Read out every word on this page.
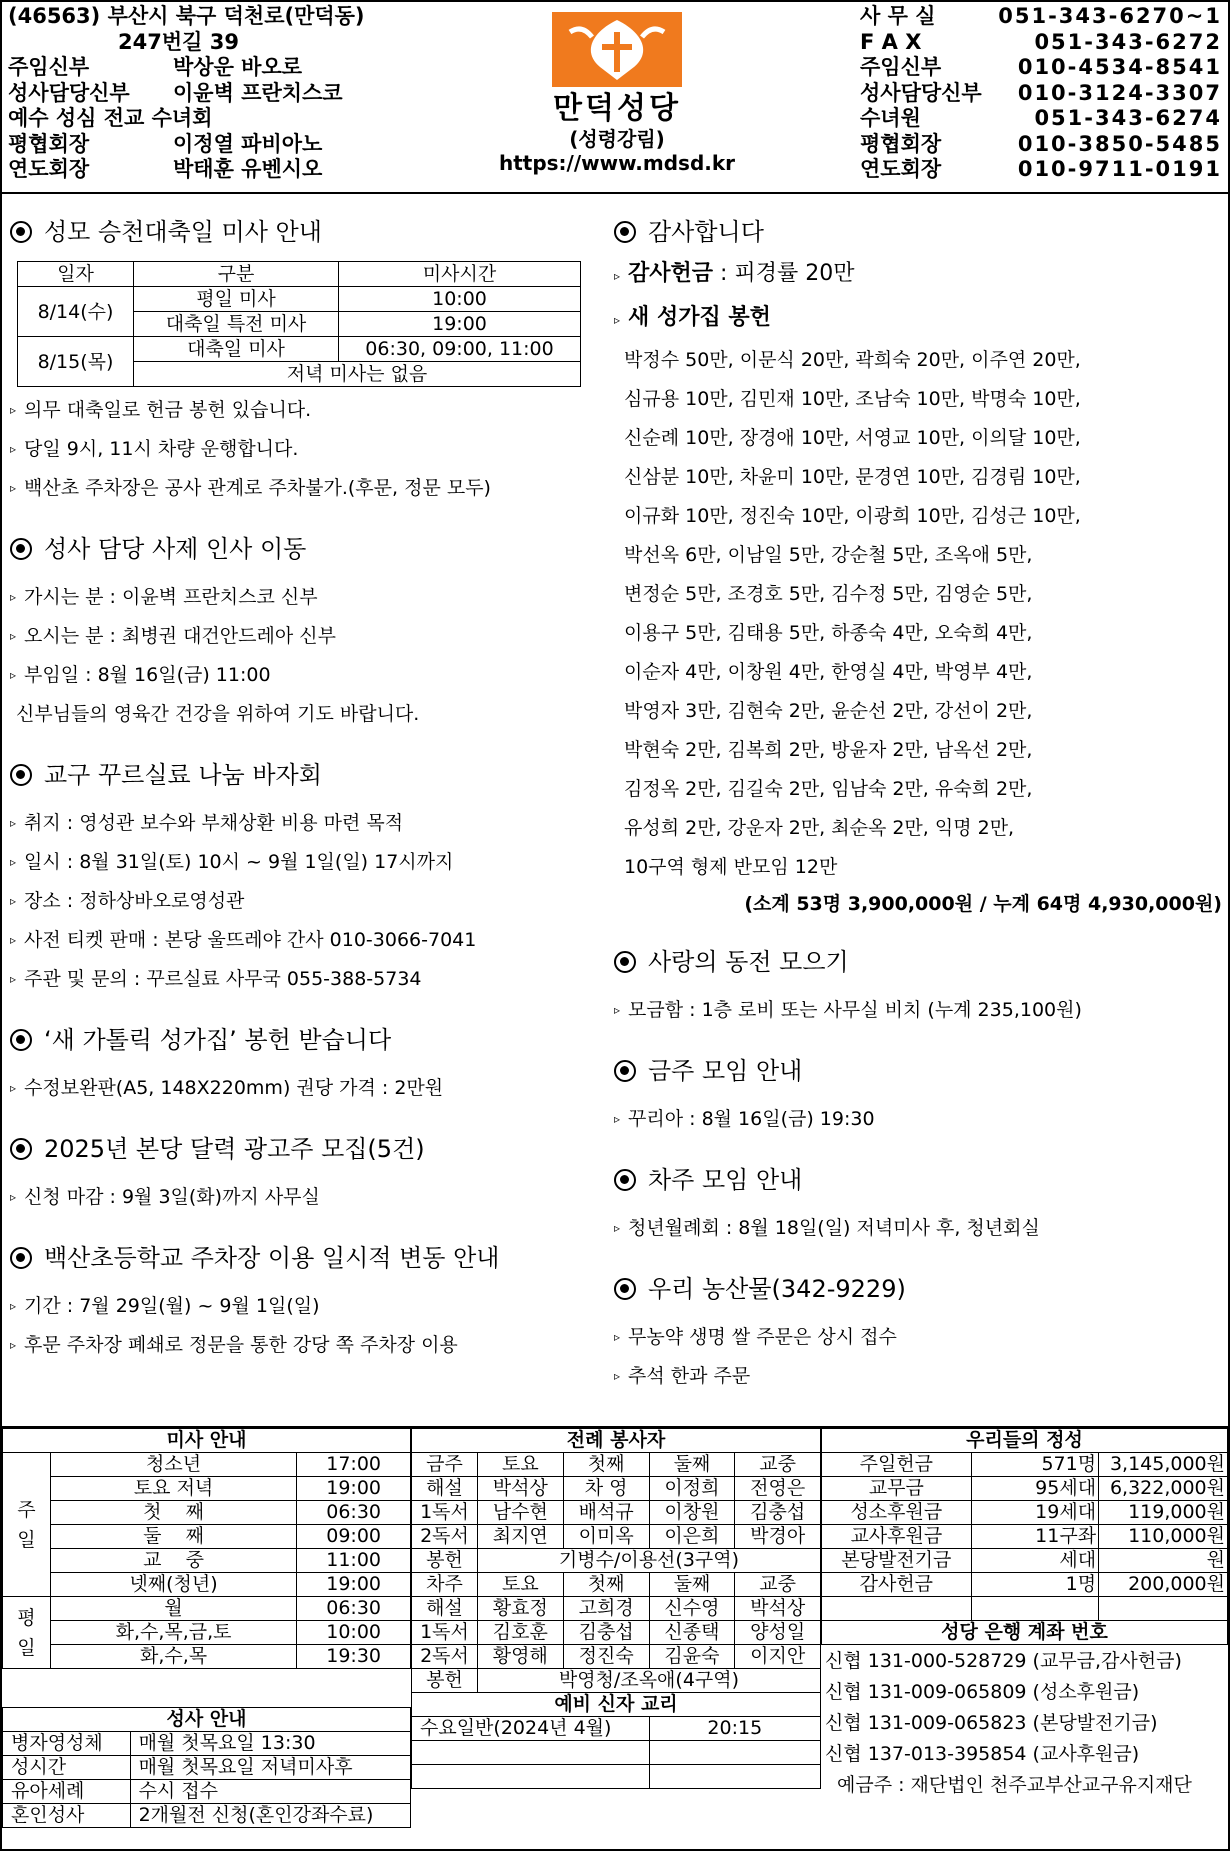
(46563) 부산시 북구 덕천로(만덕동)
247번길 39
주임신부	박상운 바오로
성사담당신부 이윤벽 프란치스코
예수 성심 전교 수녀회
평협회장	이정열 파비아노
연도회장	박태훈 유벤시오
만덕성당
(성령강림)
https://www.mdsd.kr
사 무 실	051-343-6270~1
F A X	051-343-6272
주임신부	010-4534-8541
성사담당신부 010-3124-3307
수녀원	051-343-6274
평협회장	010-3850-5485
연도회장	010-9711-0191
성모 승천대축일 미사 안내
일자	구분	미사시간
8/14(수)	평일 미사	10:00
	대축일 특전 미사	19:00
8/15(목)	대축일 미사	06:30, 09:00, 11:00
	저녁 미사는 없음	
▹ 의무 대축일로 헌금 봉헌 있습니다.
▹ 당일 9시, 11시 차량 운행합니다.
▹ 백산초 주차장은 공사 관계로 주차불가.(후문, 정문 모두)
성사 담당 사제 인사 이동
▹ 가시는 분 : 이윤벽 프란치스코 신부
▹ 오시는 분 : 최병권 대건안드레아 신부
▹ 부임일 : 8월 16일(금) 11:00
신부님들의 영육간 건강을 위하여 기도 바랍니다.
교구 꾸르실료 나눔 바자회
▹ 취지 : 영성관 보수와 부채상환 비용 마련 목적
▹ 일시 : 8월 31일(토) 10시 ~ 9월 1일(일) 17시까지
▹ 장소 : 정하상바오로영성관
▹ 사전 티켓 판매 : 본당 울뜨레야 간사 010-3066-7041
▹ 주관 및 문의 : 꾸르실료 사무국 055-388-5734
‘새 가톨릭 성가집’ 봉헌 받습니다
▹ 수정보완판(A5, 148X220mm) 권당 가격 : 2만원
2025년 본당 달력 광고주 모집(5건)
▹ 신청 마감 : 9월 3일(화)까지 사무실
백산초등학교 주차장 이용 일시적 변동 안내
▹ 기간 : 7월 29일(월) ~ 9월 1일(일)
▹ 후문 주차장 폐쇄로 정문을 통한 강당 쪽 주차장 이용
감사합니다
▹ 감사헌금 : 피경률 20만
▹ 새 성가집 봉헌
박정수 50만, 이문식 20만, 곽희숙 20만, 이주연 20만,
심규용 10만, 김민재 10만, 조남숙 10만, 박명숙 10만,
신순례 10만, 장경애 10만, 서영교 10만, 이의달 10만,
신삼분 10만, 차윤미 10만, 문경연 10만, 김경림 10만,
이규화 10만, 정진숙 10만, 이광희 10만, 김성근 10만,
박선옥 6만, 이남일 5만, 강순철 5만, 조옥애 5만,
변정순 5만, 조경호 5만, 김수정 5만, 김영순 5만,
이용구 5만, 김태용 5만, 하종숙 4만, 오숙희 4만,
이순자 4만, 이창원 4만, 한영실 4만, 박영부 4만,
박영자 3만, 김현숙 2만, 윤순선 2만, 강선이 2만,
박현숙 2만, 김복희 2만, 방윤자 2만, 남옥선 2만,
김정옥 2만, 김길숙 2만, 임남숙 2만, 유숙희 2만,
유성희 2만, 강운자 2만, 최순옥 2만, 익명 2만,
10구역 형제 반모임 12만
(소계 53명 3,900,000원 / 누계 64명 4,930,000원)
사랑의 동전 모으기
▹ 모금함 : 1층 로비 또는 사무실 비치 (누계 235,100원)
금주 모임 안내
▹ 꾸리아 : 8월 16일(금) 19:30
차주 모임 안내
▹ 청년월례회 : 8월 18일(일) 저녁미사 후, 청년회실
우리 농산물(342-9229)
▹ 무농약 생명 쌀 주문은 상시 접수
▹ 추석 한과 주문
미사 안내		
주
일	청소년	17:00
	토요 저녁	19:00
	첫    째	06:30
	둘    째	09:00
	교    중	11:00
	넷째(청년)	19:00
평
일	월	06:30
	화,수,목,금,토	10:00
	화,수,목	19:30
성사 안내	
병자영성체	매월 첫목요일 13:30
성시간	매월 첫목요일 저녁미사후
유아세례	수시 접수
혼인성사	2개월전 신청(혼인강좌수료)
전례 봉사자				
금주	토요	첫째	둘째	교중
해설	박석상	차 영	이정희	전영은
1독서	남수현	배석규	이창원	김충섭
2독서	최지연	이미옥	이은희	박경아
봉헌	기병수/이용선(3구역)			
차주	토요	첫째	둘째	교중
해설	황효정	고희경	신수영	박석상
1독서	김호훈	김충섭	신종택	양성일
2독서	황영해	정진숙	김윤숙	이지안
봉헌	박영청/조옥애(4구역)			
예비 신자 교리				
수요일반(2024년 4월)			20:15	

우리들의 정성		
주일헌금	571명	3,145,000원
교무금	95세대	6,322,000원
성소후원금	19세대	119,000원
교사후원금	11구좌	110,000원
본당발전기금	세대	원
감사헌금	1명	200,000원

성당 은행 계좌 번호		
신협 131-000-528729 (교무금,감사헌금)
신협 131-009-065809 (성소후원금)
신협 131-009-065823 (본당발전기금)
신협 137-013-395854 (교사후원금)
예금주 : 재단법인 천주교부산교구유지재단
